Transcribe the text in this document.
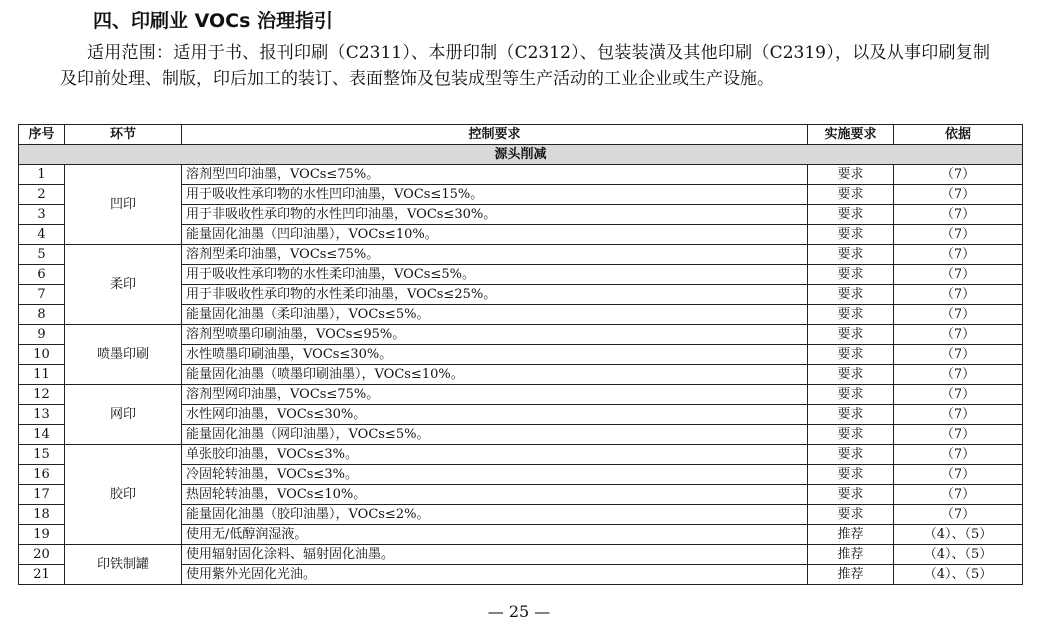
四、印刷业 VOCs 治理指引
适用范围：适用于书、报刊印刷（C2311）、本册印制（C2312）、包装装潢及其他印刷（C2319），以及从事印刷复制及印前处理、制版，印后加工的装订、表面整饰及包装成型等生产活动的工业企业或生产设施。
序号	环节	控制要求	实施要求	依据
源头削减				
1	凹印	溶剂型凹印油墨，VOCs≤75%。	要求	（7）
2		用于吸收性承印物的水性凹印油墨，VOCs≤15%。	要求	（7）
3		用于非吸收性承印物的水性凹印油墨，VOCs≤30%。	要求	（7）
4		能量固化油墨（凹印油墨），VOCs≤10%。	要求	（7）
5	柔印	溶剂型柔印油墨，VOCs≤75%。	要求	（7）
6		用于吸收性承印物的水性柔印油墨，VOCs≤5%。	要求	（7）
7		用于非吸收性承印物的水性柔印油墨，VOCs≤25%。	要求	（7）
8		能量固化油墨（柔印油墨），VOCs≤5%。	要求	（7）
9	喷墨印刷	溶剂型喷墨印刷油墨，VOCs≤95%。	要求	（7）
10		水性喷墨印刷油墨，VOCs≤30%。	要求	（7）
11		能量固化油墨（喷墨印刷油墨），VOCs≤10%。	要求	（7）
12	网印	溶剂型网印油墨，VOCs≤75%。	要求	（7）
13		水性网印油墨，VOCs≤30%。	要求	（7）
14		能量固化油墨（网印油墨），VOCs≤5%。	要求	（7）
15	胶印	单张胶印油墨，VOCs≤3%。	要求	（7）
16		冷固轮转油墨，VOCs≤3%。	要求	（7）
17		热固轮转油墨，VOCs≤10%。	要求	（7）
18		能量固化油墨（胶印油墨），VOCs≤2%。	要求	（7）
19		使用无/低醇润湿液。	推荐	（4）、（5）
20	印铁制罐	使用辐射固化涂料、辐射固化油墨。	推荐	（4）、（5）
21		使用紫外光固化光油。	推荐	（4）、（5）
— 25 —
